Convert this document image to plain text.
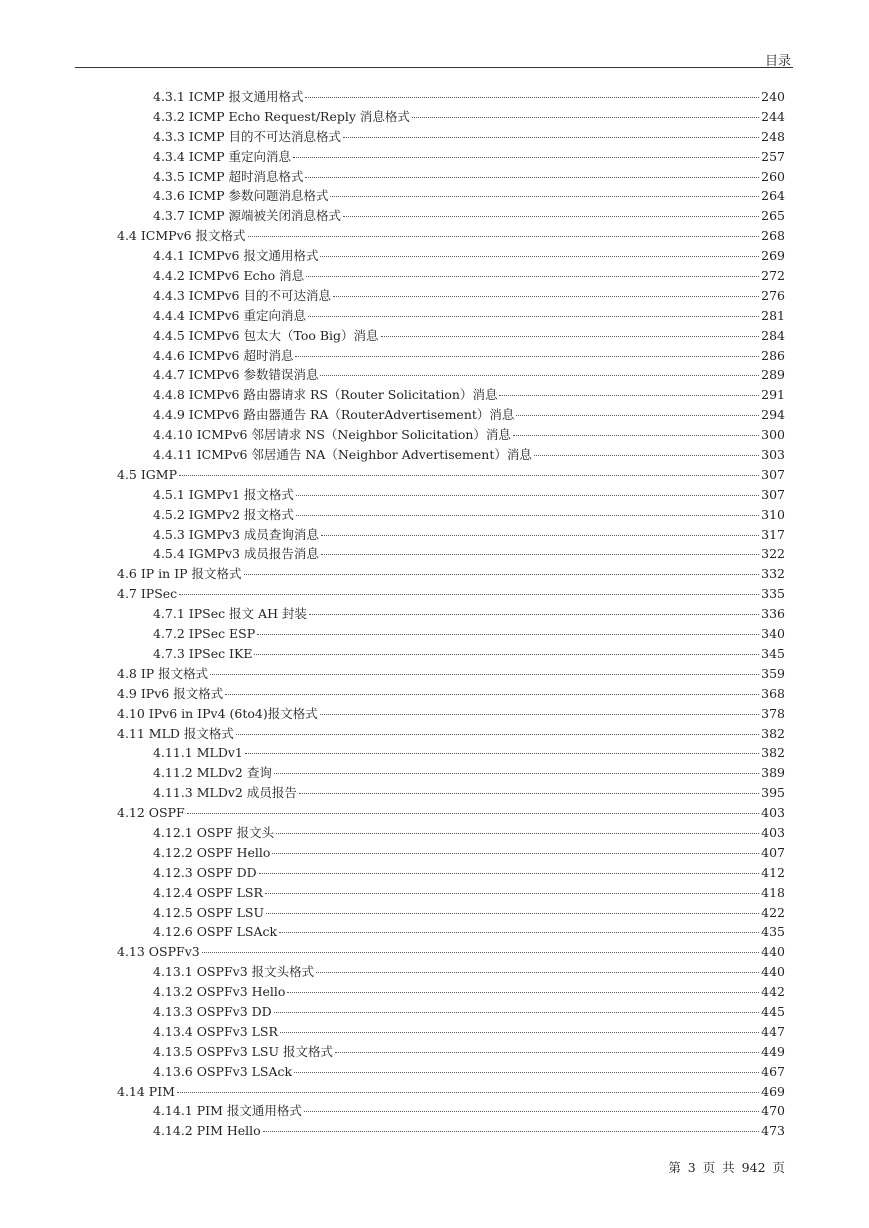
目录
4.3.1 ICMP 报文通用格式	240
4.3.2 ICMP Echo Request/Reply 消息格式	244
4.3.3 ICMP 目的不可达消息格式	248
4.3.4 ICMP 重定向消息	257
4.3.5 ICMP 超时消息格式	260
4.3.6 ICMP 参数问题消息格式	264
4.3.7 ICMP 源端被关闭消息格式	265
4.4 ICMPv6 报文格式	268
4.4.1 ICMPv6 报文通用格式	269
4.4.2 ICMPv6 Echo 消息	272
4.4.3 ICMPv6 目的不可达消息	276
4.4.4 ICMPv6 重定向消息	281
4.4.5 ICMPv6 包太大（Too Big）消息	284
4.4.6 ICMPv6 超时消息	286
4.4.7 ICMPv6 参数错误消息	289
4.4.8 ICMPv6 路由器请求 RS（Router Solicitation）消息	291
4.4.9 ICMPv6 路由器通告 RA（RouterAdvertisement）消息	294
4.4.10 ICMPv6 邻居请求 NS（Neighbor Solicitation）消息	300
4.4.11 ICMPv6 邻居通告 NA（Neighbor Advertisement）消息	303
4.5 IGMP	307
4.5.1 IGMPv1 报文格式	307
4.5.2 IGMPv2 报文格式	310
4.5.3 IGMPv3 成员查询消息	317
4.5.4 IGMPv3 成员报告消息	322
4.6 IP in IP 报文格式	332
4.7 IPSec	335
4.7.1 IPSec 报文 AH 封装	336
4.7.2 IPSec ESP	340
4.7.3 IPSec IKE	345
4.8 IP 报文格式	359
4.9 IPv6 报文格式	368
4.10 IPv6 in IPv4 (6to4)报文格式	378
4.11 MLD 报文格式	382
4.11.1 MLDv1	382
4.11.2 MLDv2 查询	389
4.11.3 MLDv2 成员报告	395
4.12 OSPF	403
4.12.1 OSPF 报文头	403
4.12.2 OSPF Hello	407
4.12.3 OSPF DD	412
4.12.4 OSPF LSR	418
4.12.5 OSPF LSU	422
4.12.6 OSPF LSAck	435
4.13 OSPFv3	440
4.13.1 OSPFv3 报文头格式	440
4.13.2 OSPFv3 Hello	442
4.13.3 OSPFv3 DD	445
4.13.4 OSPFv3 LSR	447
4.13.5 OSPFv3 LSU 报文格式	449
4.13.6 OSPFv3 LSAck	467
4.14 PIM	469
4.14.1 PIM 报文通用格式	470
4.14.2 PIM Hello	473
第 3 页 共 942 页
